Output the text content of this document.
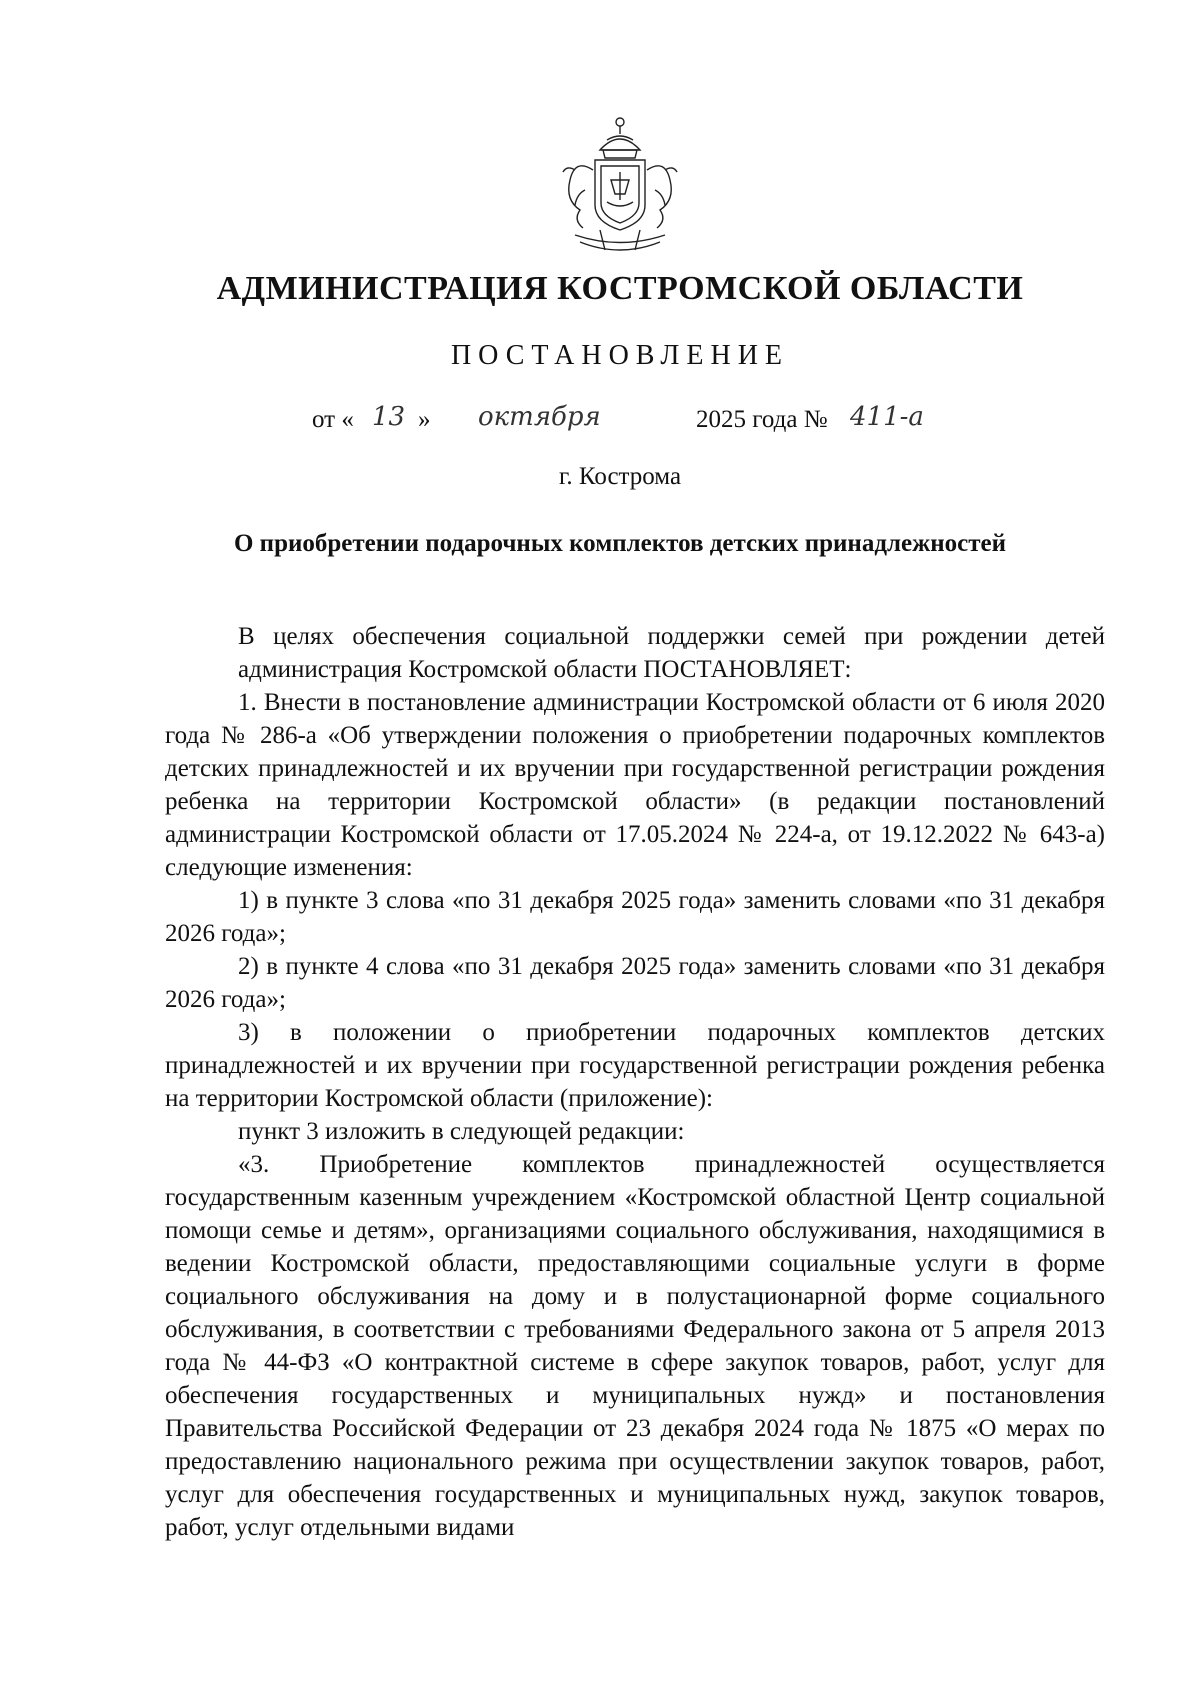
АДМИНИСТРАЦИЯ КОСТРОМСКОЙ ОБЛАСТИ
ПОСТАНОВЛЕНИЕ
от « 13 » октября	2025 года № 411-а
г. Кострома
О приобретении подарочных комплектов детских принадлежностей

В целях обеспечения социальной поддержки семей при рождении детей администрация Костромской области ПОСТАНОВЛЯЕТ:

1. Внести в постановление администрации Костромской области от 6 июля 2020 года № 286-а «Об утверждении положения о приобретении подарочных комплектов детских принадлежностей и их вручении при государственной регистрации рождения ребенка на территории Костромской области» (в редакции постановлений администрации Костромской области от 17.05.2024 № 224-а, от 19.12.2022 № 643-а) следующие изменения:

1) в пункте 3 слова «по 31 декабря 2025 года» заменить словами «по 31 декабря 2026 года»;

2) в пункте 4 слова «по 31 декабря 2025 года» заменить словами «по 31 декабря 2026 года»;

3) в положении о приобретении подарочных комплектов детских принадлежностей и их вручении при государственной регистрации рождения ребенка на территории Костромской области (приложение):

пункт 3 изложить в следующей редакции:

«3. Приобретение комплектов принадлежностей осуществляется государственным казенным учреждением «Костромской областной Центр социальной помощи семье и детям», организациями социального обслуживания, находящимися в ведении Костромской области, предоставляющими социальные услуги в форме социального обслуживания на дому и в полустационарной форме социального обслуживания, в соответствии с требованиями Федерального закона от 5 апреля 2013 года № 44-ФЗ «О контрактной системе в сфере закупок товаров, работ, услуг для обеспечения государственных и муниципальных нужд» и постановления Правительства Российской Федерации от 23 декабря 2024 года № 1875 «О мерах по предоставлению национального режима при осуществлении закупок товаров, работ, услуг для обеспечения государственных и муниципальных нужд, закупок товаров, работ, услуг отдельными видами
